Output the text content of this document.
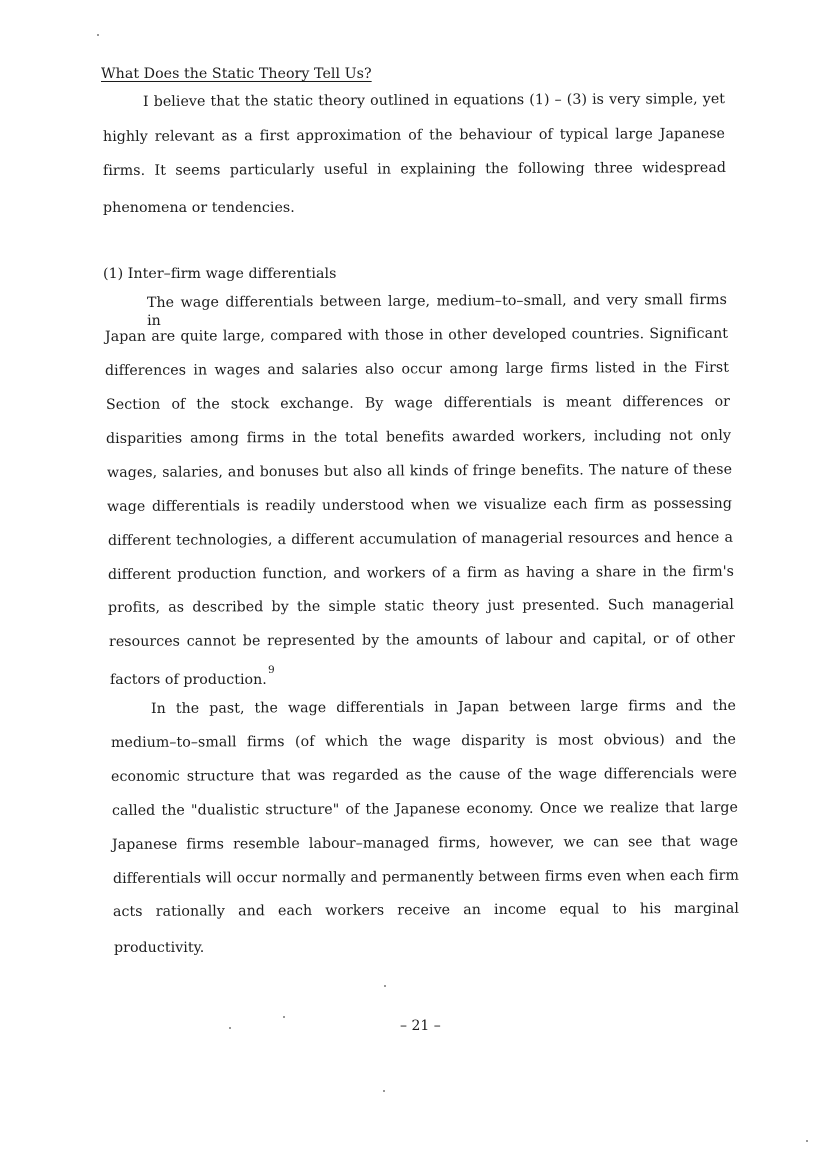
What Does the Static Theory Tell Us?
I believe that the static theory outlined in equations (1) – (3) is very simple, yet
highly relevant as a first approximation of the behaviour of typical large Japanese
firms. It seems particularly useful in explaining the following three widespread
phenomena or tendencies.
(1) Inter–firm wage differentials
The wage differentials between large, medium–to–small, and very small firms in
Japan are quite large, compared with those in other developed countries. Significant
differences in wages and salaries also occur among large firms listed in the First
Section of the stock exchange. By wage differentials is meant differences or
disparities among firms in the total benefits awarded workers, including not only
wages, salaries, and bonuses but also all kinds of fringe benefits. The nature of these
wage differentials is readily understood when we visualize each firm as possessing
different technologies, a different accumulation of managerial resources and hence a
different production function, and workers of a firm as having a share in the firm's
profits, as described by the simple static theory just presented. Such managerial
resources cannot be represented by the amounts of labour and capital, or of other
factors of production.
9
In the past, the wage differentials in Japan between large firms and the
medium–to–small firms (of which the wage disparity is most obvious) and the
economic structure that was regarded as the cause of the wage differencials were
called the "dualistic structure" of the Japanese economy. Once we realize that large
Japanese firms resemble labour–managed firms, however, we can see that wage
differentials will occur normally and permanently between firms even when each firm
acts rationally and each workers receive an income equal to his marginal
productivity.
– 21 –
